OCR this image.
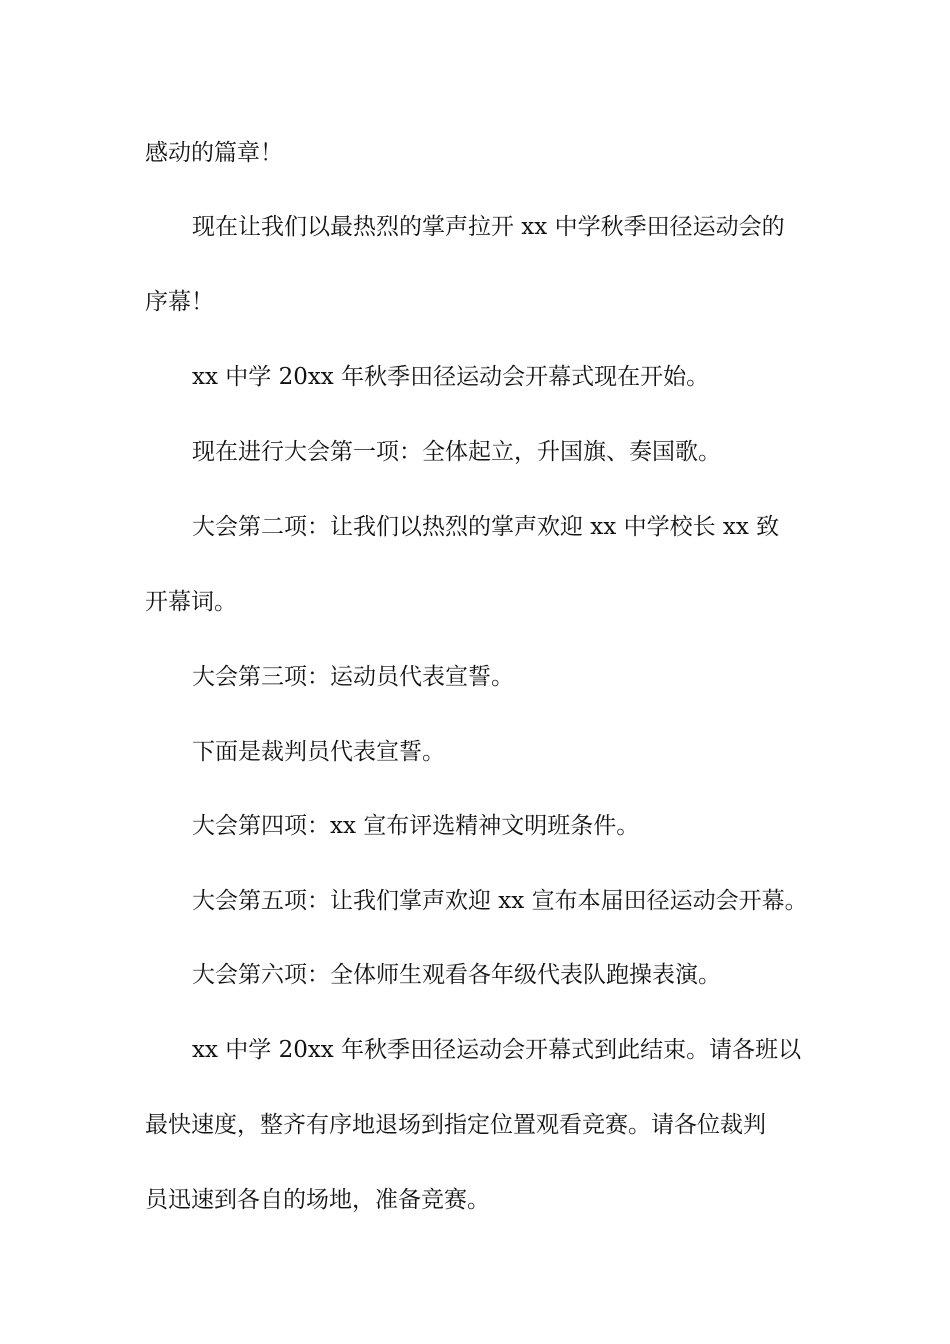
感动的篇章！

现在让我们以最热烈的掌声拉开 xx 中学秋季田径运动会的

序幕！

xx 中学 20xx 年秋季田径运动会开幕式现在开始。

现在进行大会第一项：全体起立，升国旗、奏国歌。

大会第二项：让我们以热烈的掌声欢迎 xx 中学校长 xx 致

开幕词。

大会第三项：运动员代表宣誓。

下面是裁判员代表宣誓。

大会第四项：xx 宣布评选精神文明班条件。

大会第五项：让我们掌声欢迎 xx 宣布本届田径运动会开幕。

大会第六项：全体师生观看各年级代表队跑操表演。

xx 中学 20xx 年秋季田径运动会开幕式到此结束。请各班以

最快速度，整齐有序地退场到指定位置观看竞赛。请各位裁判

员迅速到各自的场地，准备竞赛。
